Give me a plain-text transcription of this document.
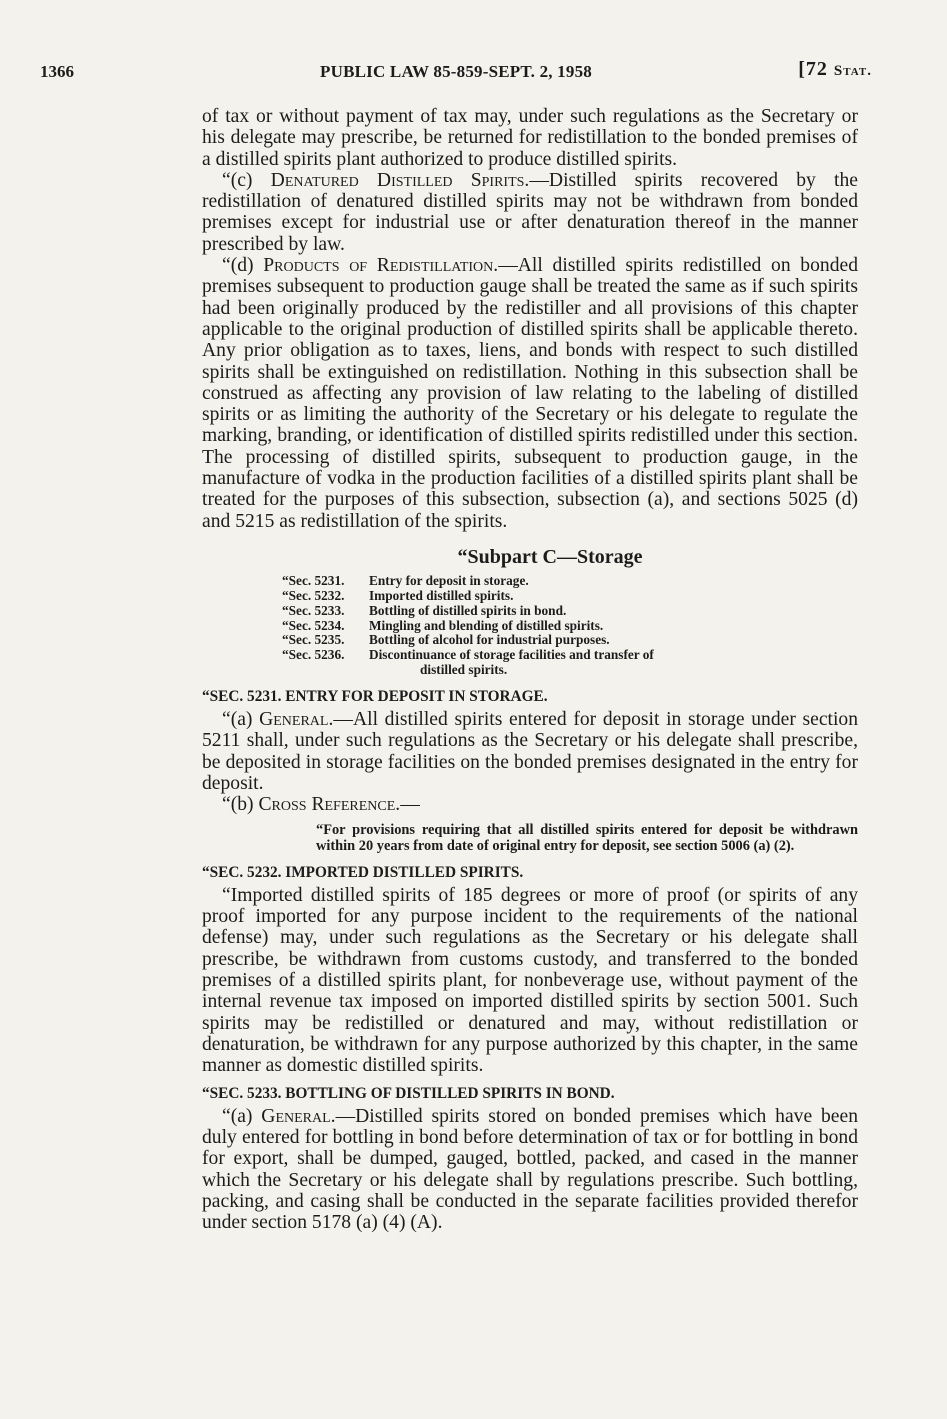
1366	PUBLIC LAW 85-859-SEPT. 2, 1958	[72 Stat.

of tax or without payment of tax may, under such regulations as the Secretary or his delegate may prescribe, be returned for redistillation to the bonded premises of a distilled spirits plant authorized to produce distilled spirits.

“(c) Denatured Distilled Spirits.—Distilled spirits recovered by the redistillation of denatured distilled spirits may not be withdrawn from bonded premises except for industrial use or after denaturation thereof in the manner prescribed by law.

“(d) Products of Redistillation.—All distilled spirits redistilled on bonded premises subsequent to production gauge shall be treated the same as if such spirits had been originally produced by the redistiller and all provisions of this chapter applicable to the original production of distilled spirits shall be applicable thereto. Any prior obligation as to taxes, liens, and bonds with respect to such distilled spirits shall be extinguished on redistillation. Nothing in this subsection shall be construed as affecting any provision of law relating to the labeling of distilled spirits or as limiting the authority of the Secretary or his delegate to regulate the marking, branding, or identification of distilled spirits redistilled under this section. The processing of distilled spirits, subsequent to production gauge, in the manufacture of vodka in the production facilities of a distilled spirits plant shall be treated for the purposes of this subsection, subsection (a), and sections 5025 (d) and 5215 as redistillation of the spirits.

“Subpart C—Storage
“Sec. 5231.	Entry for deposit in storage.
“Sec. 5232.	Imported distilled spirits.
“Sec. 5233.	Bottling of distilled spirits in bond.
“Sec. 5234.	Mingling and blending of distilled spirits.
“Sec. 5235.	Bottling of alcohol for industrial purposes.
“Sec. 5236.	Discontinuance of storage facilities and transfer of
distilled spirits.
“SEC. 5231. ENTRY FOR DEPOSIT IN STORAGE.

“(a) General.—All distilled spirits entered for deposit in storage under section 5211 shall, under such regulations as the Secretary or his delegate shall prescribe, be deposited in storage facilities on the bonded premises designated in the entry for deposit.

“(b) Cross Reference.—

“For provisions requiring that all distilled spirits entered for deposit be withdrawn within 20 years from date of original entry for deposit, see section 5006 (a) (2).
“SEC. 5232. IMPORTED DISTILLED SPIRITS.

“Imported distilled spirits of 185 degrees or more of proof (or spirits of any proof imported for any purpose incident to the requirements of the national defense) may, under such regulations as the Secretary or his delegate shall prescribe, be withdrawn from customs custody, and transferred to the bonded premises of a distilled spirits plant, for nonbeverage use, without payment of the internal revenue tax imposed on imported distilled spirits by section 5001. Such spirits may be redistilled or denatured and may, without redistillation or denaturation, be withdrawn for any purpose authorized by this chapter, in the same manner as domestic distilled spirits.

“SEC. 5233. BOTTLING OF DISTILLED SPIRITS IN BOND.

“(a) General.—Distilled spirits stored on bonded premises which have been duly entered for bottling in bond before determination of tax or for bottling in bond for export, shall be dumped, gauged, bottled, packed, and cased in the manner which the Secretary or his delegate shall by regulations prescribe. Such bottling, packing, and casing shall be conducted in the separate facilities provided therefor under section 5178 (a) (4) (A).
